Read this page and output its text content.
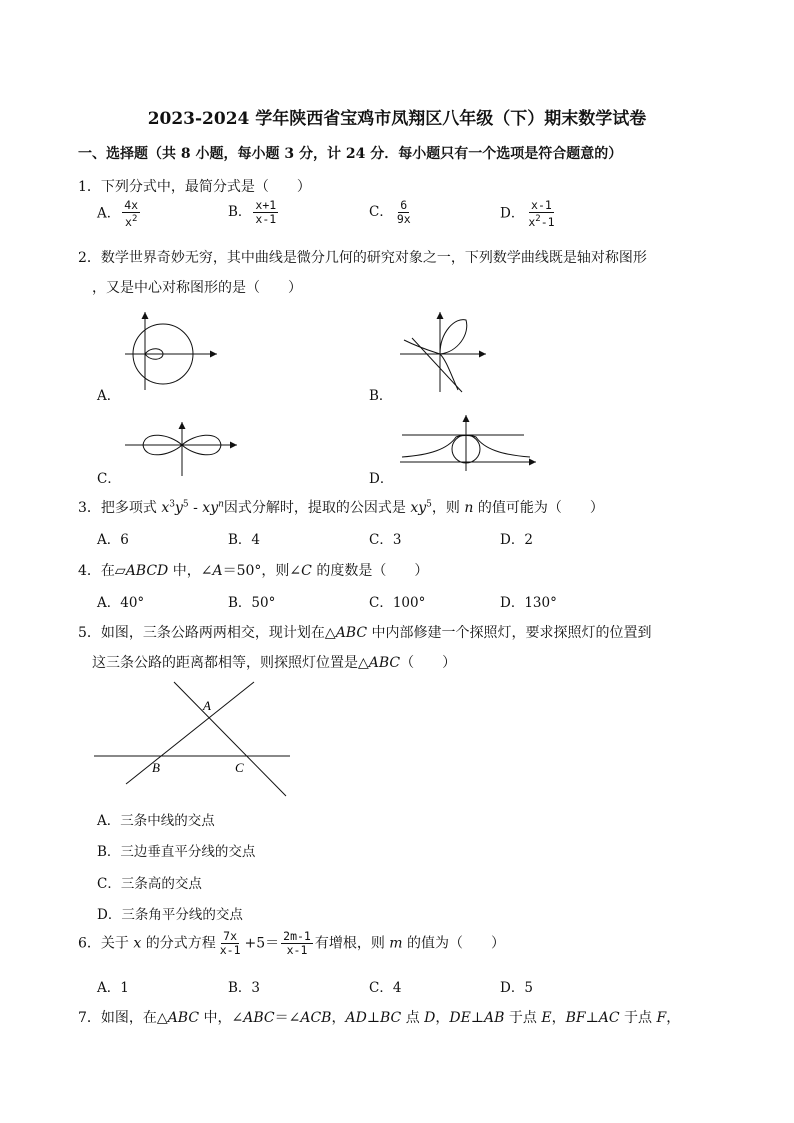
2023-2024 学年陕西省宝鸡市凤翔区八年级（下）期末数学试卷
一、选择题（共 8 小题，每小题 3 分，计 24 分．每小题只有一个选项是符合题意的）
1．下列分式中，最简分式是（　　）
A． $\frac{4x}{x^2}$	B． $\frac{x+1}{x-1}$	C． $\frac{6}{9x}$	D． $\frac{x-1}{x^2-1}$
2．数学世界奇妙无穷，其中曲线是微分几何的研究对象之一，下列数学曲线既是轴对称图形
，又是中心对称图形的是（　　）
A．	B．
C．	D．
3．把多项式 $x^3y^5 - xy^n$因式分解时，提取的公因式是 $xy^5$，则 n 的值可能为（　　）
A．6	B．4	C．3	D．2
4．在▱ABCD 中，∠A＝50°，则∠C 的度数是（　　）
A．40°	B．50°	C．100°	D．130°
5．如图，三条公路两两相交，现计划在△ABC 中内部修建一个探照灯，要求探照灯的位置到
这三条公路的距离都相等，则探照灯位置是△ABC（　　）
A
B	C
A．三条中线的交点
B．三边垂直平分线的交点
C．三条高的交点
D．三条角平分线的交点
6．关于 x 的分式方程 $\frac{7x}{x-1} +5= \frac{2m-1}{x-1}$ 有增根，则 m 的值为（　　）
A．1	B．3	C．4	D．5
7．如图，在△ABC 中，∠ABC＝∠ACB，AD⊥BC 点 D，DE⊥AB 于点 E，BF⊥AC 于点 F，
